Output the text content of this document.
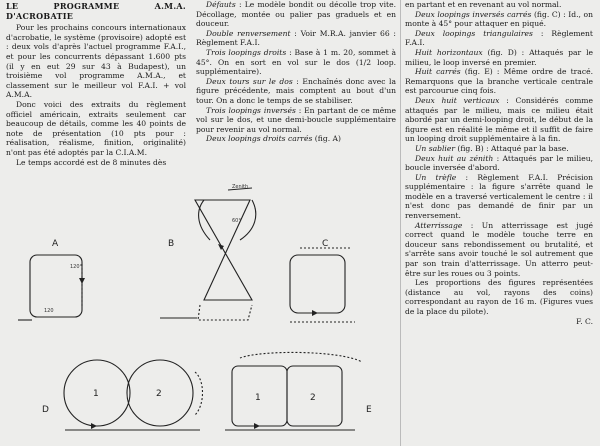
LE PROGRAMME A.M.A. D'ACROBATIE

Pour les prochains concours internationaux d'acrobatie, le système (provisoire) adopté est : deux vols d'après l'actuel programme F.A.I., et pour les concurrents dépassant 1.600 pts (il y en eut 29 sur 43 à Budapest), un troisième vol programme A.M.A., et classement sur le meilleur vol F.A.I. + vol A.M.A.

Donc voici des extraits du règlement officiel américain, extraits seulement car beaucoup de détails, comme les 40 points de note de présentation (10 pts pour : réalisation, réalisme, finition, originalité) n'ont pas été adoptés par la C.I.A.M.

Le temps accordé est de 8 minutes dès

Défauts : Le modèle bondit ou décolle trop vite. Décollage, montée ou palier pas graduels et en douceur.

Double renversement : Voir M.R.A. janvier 66 : Règlement F.A.I.

Trois loopings droits : Base à 1 m. 20, sommet à 45°. On en sort en vol sur le dos (1/2 loop. supplémentaire).

Deux tours sur le dos : Enchaînés donc avec la figure précédente, mais comptent au bout d'un tour. On a donc le temps de se stabiliser.

Trois loopings inversés : En partant de ce même vol sur le dos, et une demi-boucle supplémentaire pour revenir au vol normal.

Deux loopings droits carrés (fig. A)

en partant et en revenant au vol normal.

Deux loopings inversés carrés (fig. C) : Id., on monte à 45° pour attaquer en piqué.

Deux loopings triangulaires : Règlement F.A.I.

Huit horizontaux (fig. D) : Attaqués par le milieu, le loop inversé en premier.

Huit carrés (fig. E) : Même ordre de tracé. Remarquons que la branche verticale centrale est parcourue cinq fois.

Deux huit verticaux : Considérés comme attaqués par le milieu, mais ce milieu était abordé par un demi-looping droit, le début de la figure est en réalité le même et il suffit de faire un looping droit supplémentaire à la fin.

Un sablier (fig. B) : Attaqué par la base.

Deux huit au zénith : Attaqués par le milieu, boucle inversée d'abord.

Un trèfle : Règlement F.A.I. Précision supplémentaire : la figure s'arrête quand le modèle en a traversé verticalement le centre : il n'est donc pas demandé de finir par un renversement.

Atterrissage : Un atterrissage est jugé correct quand le modèle touche terre en douceur sans rebondissement ou brutalité, et s'arrête sans avoir touché le sol autrement que par son train d'atterrissage. Un atterro peut-être sur les roues ou 3 points.

Les proportions des figures représentées (distance au vol, rayons des coins) correspondant au rayon de 16 m. (Figures vues de la place du pilote).

F. C.

A
120°
120
B
Zenith
60°
C
D
1	2
E
1	2
